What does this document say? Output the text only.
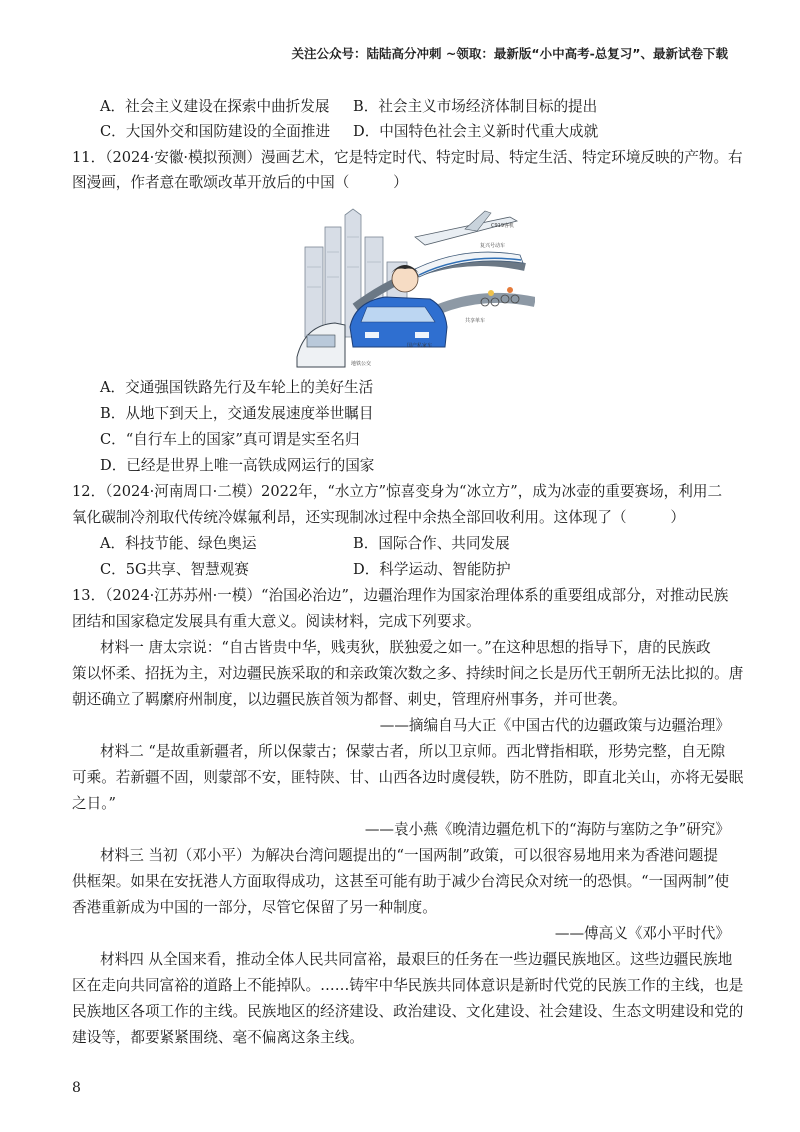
关注公众号：陆陆高分冲刺 ~领取：最新版“小中高考-总复习”、最新试卷下载
A．社会主义建设在探索中曲折发展 B．社会主义市场经济体制目标的提出
C．大国外交和国防建设的全面推进 D．中国特色社会主义新时代重大成就
11．（2024·安徽·模拟预测）漫画艺术，它是特定时代、特定时局、特定生活、特定环境反映的产物。右
图漫画，作者意在歌颂改革开放后的中国（　　　）
C919客机
复兴号动车
共享单车
国产私家车
地铁公交
A．交通强国铁路先行及车轮上的美好生活
B．从地下到天上，交通发展速度举世瞩目
C．“自行车上的国家”真可谓是实至名归
D．已经是世界上唯一高铁成网运行的国家
12．（2024·河南周口·二模）2022年，“水立方”惊喜变身为“冰立方”，成为冰壶的重要赛场，利用二
氧化碳制冷剂取代传统冷媒氟利昂，还实现制冰过程中余热全部回收利用。这体现了（　　　）
A．科技节能、绿色奥运	B．国际合作、共同发展
C．5G共享、智慧观赛	D．科学运动、智能防护
13．（2024·江苏苏州·一模）“治国必治边”，边疆治理作为国家治理体系的重要组成部分，对推动民族
团结和国家稳定发展具有重大意义。阅读材料，完成下列要求。
材料一 唐太宗说：“自古皆贵中华，贱夷狄，朕独爱之如一。”在这种思想的指导下，唐的民族政
策以怀柔、招抚为主，对边疆民族采取的和亲政策次数之多、持续时间之长是历代王朝所无法比拟的。唐
朝还确立了羁縻府州制度，以边疆民族首领为都督、刺史，管理府州事务，并可世袭。
——摘编自马大正《中国古代的边疆政策与边疆治理》
材料二 “是故重新疆者，所以保蒙古；保蒙古者，所以卫京师。西北臂指相联，形势完整，自无隙
可乘。若新疆不固，则蒙部不安，匪特陕、甘、山西各边时虞侵轶，防不胜防，即直北关山，亦将无晏眠
之日。”
——袁小燕《晚清边疆危机下的“海防与塞防之争”研究》
材料三 当初（邓小平）为解决台湾问题提出的“一国两制”政策，可以很容易地用来为香港问题提
供框架。如果在安抚港人方面取得成功，这甚至可能有助于减少台湾民众对统一的恐惧。“一国两制”使
香港重新成为中国的一部分，尽管它保留了另一种制度。
——傅高义《邓小平时代》
材料四 从全国来看，推动全体人民共同富裕，最艰巨的任务在一些边疆民族地区。这些边疆民族地
区在走向共同富裕的道路上不能掉队。……铸牢中华民族共同体意识是新时代党的民族工作的主线，也是
民族地区各项工作的主线。民族地区的经济建设、政治建设、文化建设、社会建设、生态文明建设和党的
建设等，都要紧紧围绕、毫不偏离这条主线。
8
